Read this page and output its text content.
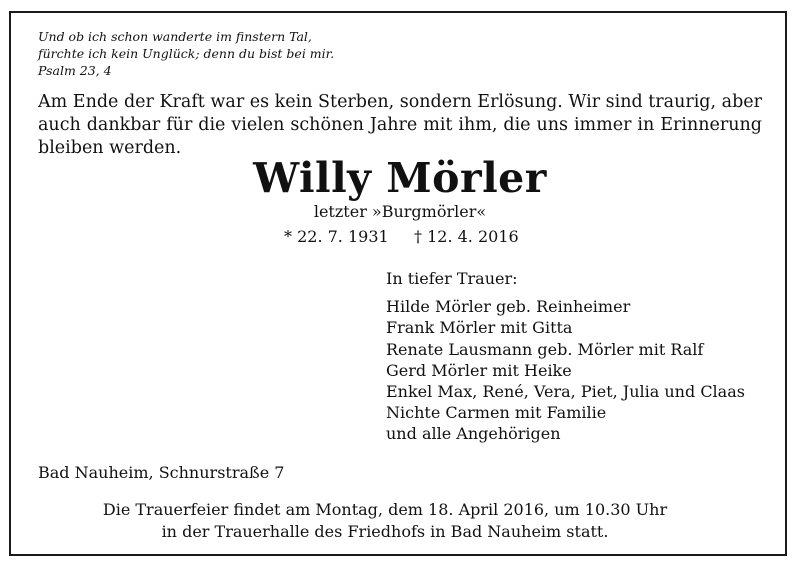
Und ob ich schon wanderte im finstern Tal,
fürchte ich kein Unglück; denn du bist bei mir.
Psalm 23, 4
Am Ende der Kraft war es kein Sterben, sondern Erlösung. Wir sind traurig, aber auch dankbar für die vielen schönen Jahre mit ihm, die uns immer in Erinnerung bleiben werden.
Willy Mörler
letzter »Burgmörler«
* 22. 7. 1931 † 12. 4. 2016
In tiefer Trauer:
Hilde Mörler geb. Reinheimer
Frank Mörler mit Gitta
Renate Lausmann geb. Mörler mit Ralf
Gerd Mörler mit Heike
Enkel Max, René, Vera, Piet, Julia und Claas
Nichte Carmen mit Familie
und alle Angehörigen
Bad Nauheim, Schnurstraße 7
Die Trauerfeier findet am Montag, dem 18. April 2016, um 10.30 Uhr
in der Trauerhalle des Friedhofs in Bad Nauheim statt.
